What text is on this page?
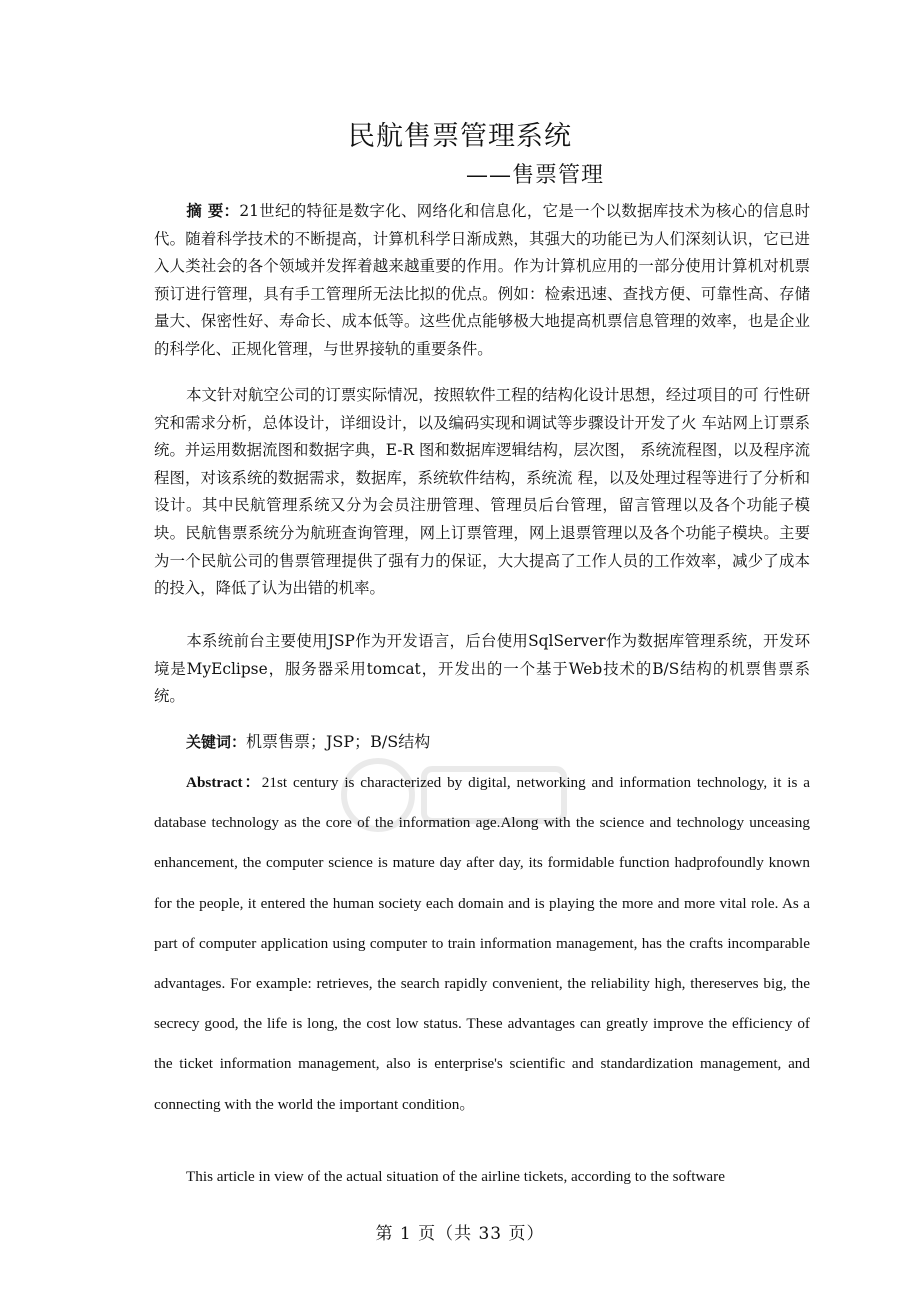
民航售票管理系统
——售票管理

摘 要：21世纪的特征是数字化、网络化和信息化，它是一个以数据库技术为核心的信息时代。随着科学技术的不断提高，计算机科学日渐成熟，其强大的功能已为人们深刻认识，它已进入人类社会的各个领域并发挥着越来越重要的作用。作为计算机应用的一部分使用计算机对机票预订进行管理，具有手工管理所无法比拟的优点。例如：检索迅速、查找方便、可靠性高、存储量大、保密性好、寿命长、成本低等。这些优点能够极大地提高机票信息管理的效率，也是企业的科学化、正规化管理，与世界接轨的重要条件。

本文针对航空公司的订票实际情况，按照软件工程的结构化设计思想，经过项目的可 行性研究和需求分析，总体设计，详细设计，以及编码实现和调试等步骤设计开发了火 车站网上订票系统。并运用数据流图和数据字典，E-R 图和数据库逻辑结构，层次图， 系统流程图，以及程序流程图，对该系统的数据需求，数据库，系统软件结构，系统流 程，以及处理过程等进行了分析和设计。其中民航管理系统又分为会员注册管理、管理员后台管理，留言管理以及各个功能子模块。民航售票系统分为航班查询管理，网上订票管理，网上退票管理以及各个功能子模块。主要为一个民航公司的售票管理提供了强有力的保证，大大提高了工作人员的工作效率，减少了成本的投入，降低了认为出错的机率。

本系统前台主要使用JSP作为开发语言，后台使用SqlServer作为数据库管理系统，开发环境是MyEclipse，服务器采用tomcat，开发出的一个基于Web技术的B/S结构的机票售票系统。

关键词：机票售票；JSP；B/S结构

Abstract：21st century is characterized by digital, networking and information technology, it is a database technology as the core of the information age.Along with the science and technology unceasing enhancement, the computer science is mature day after day, its formidable function hadprofoundly known for the people, it entered the human society each domain and is playing the more and more vital role. As a part of computer application using computer to train information management, has the crafts incomparable advantages. For example: retrieves, the search rapidly convenient, the reliability high, thereserves big, the secrecy good, the life is long, the cost low status. These advantages can greatly improve the efficiency of the ticket information management, also is enterprise's scientific and standardization management, and connecting with the world the important condition。

This article in view of the actual situation of the airline tickets, according to the software

第 1 页（共 33 页）
